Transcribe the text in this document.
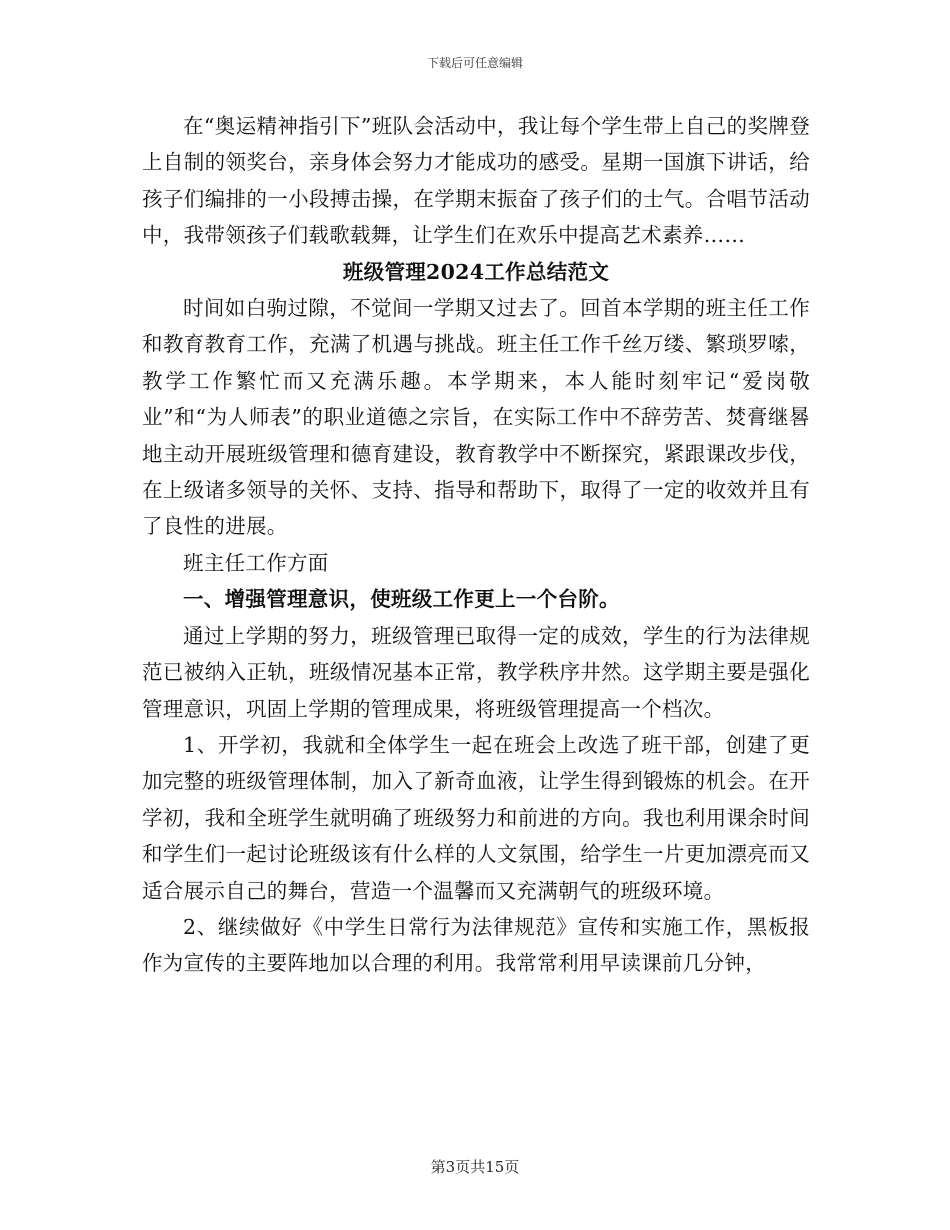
下载后可任意编辑

在“奥运精神指引下”班队会活动中，我让每个学生带上自己的奖牌登上自制的领奖台，亲身体会努力才能成功的感受。星期一国旗下讲话，给孩子们编排的一小段搏击操，在学期末振奋了孩子们的士气。合唱节活动中，我带领孩子们载歌载舞，让学生们在欢乐中提高艺术素养……

班级管理2024工作总结范文

时间如白驹过隙，不觉间一学期又过去了。回首本学期的班主任工作和教育教育工作，充满了机遇与挑战。班主任工作千丝万缕、繁琐罗嗦，教学工作繁忙而又充满乐趣。本学期来，本人能时刻牢记“爱岗敬业”和“为人师表”的职业道德之宗旨，在实际工作中不辞劳苦、焚膏继晷地主动开展班级管理和德育建设，教育教学中不断探究，紧跟课改步伐，在上级诸多领导的关怀、支持、指导和帮助下，取得了一定的收效并且有了良性的进展。

班主任工作方面

一、增强管理意识，使班级工作更上一个台阶。

通过上学期的努力，班级管理已取得一定的成效，学生的行为法律规范已被纳入正轨，班级情况基本正常，教学秩序井然。这学期主要是强化管理意识，巩固上学期的管理成果，将班级管理提高一个档次。

1、开学初，我就和全体学生一起在班会上改选了班干部，创建了更加完整的班级管理体制，加入了新奇血液，让学生得到锻炼的机会。在开学初，我和全班学生就明确了班级努力和前进的方向。我也利用课余时间和学生们一起讨论班级该有什么样的人文氛围，给学生一片更加漂亮而又适合展示自己的舞台，营造一个温馨而又充满朝气的班级环境。

2、继续做好《中学生日常行为法律规范》宣传和实施工作，黑板报作为宣传的主要阵地加以合理的利用。我常常利用早读课前几分钟，

第3页共15页
